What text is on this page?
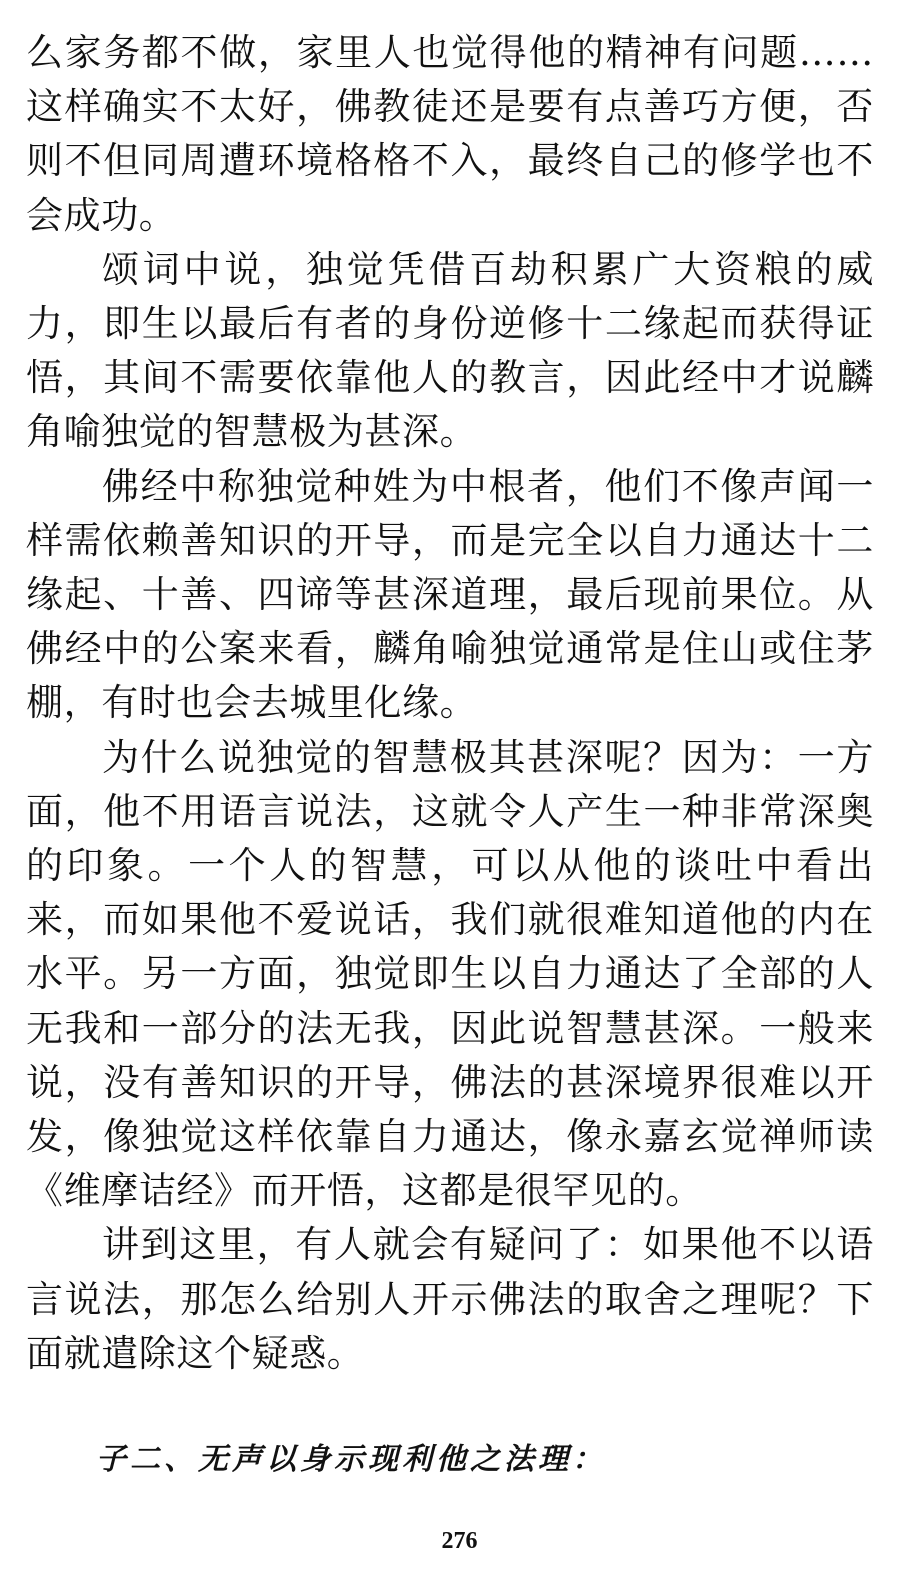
么家务都不做，家里人也觉得他的精神有问题……这样确实不太好，佛教徒还是要有点善巧方便，否则不但同周遭环境格格不入，最终自己的修学也不会成功。

颂词中说，独觉凭借百劫积累广大资粮的威力，即生以最后有者的身份逆修十二缘起而获得证悟，其间不需要依靠他人的教言，因此经中才说麟角喻独觉的智慧极为甚深。

佛经中称独觉种姓为中根者，他们不像声闻一样需依赖善知识的开导，而是完全以自力通达十二缘起、十善、四谛等甚深道理，最后现前果位。从佛经中的公案来看，麟角喻独觉通常是住山或住茅棚，有时也会去城里化缘。

为什么说独觉的智慧极其甚深呢？因为：一方面，他不用语言说法，这就令人产生一种非常深奥的印象。一个人的智慧，可以从他的谈吐中看出来，而如果他不爱说话，我们就很难知道他的内在水平。另一方面，独觉即生以自力通达了全部的人无我和一部分的法无我，因此说智慧甚深。一般来说，没有善知识的开导，佛法的甚深境界很难以开发，像独觉这样依靠自力通达，像永嘉玄觉禅师读《维摩诘经》而开悟，这都是很罕见的。

讲到这里，有人就会有疑问了：如果他不以语言说法，那怎么给别人开示佛法的取舍之理呢？下面就遣除这个疑惑。

子二、无声以身示现利他之法理：
276
